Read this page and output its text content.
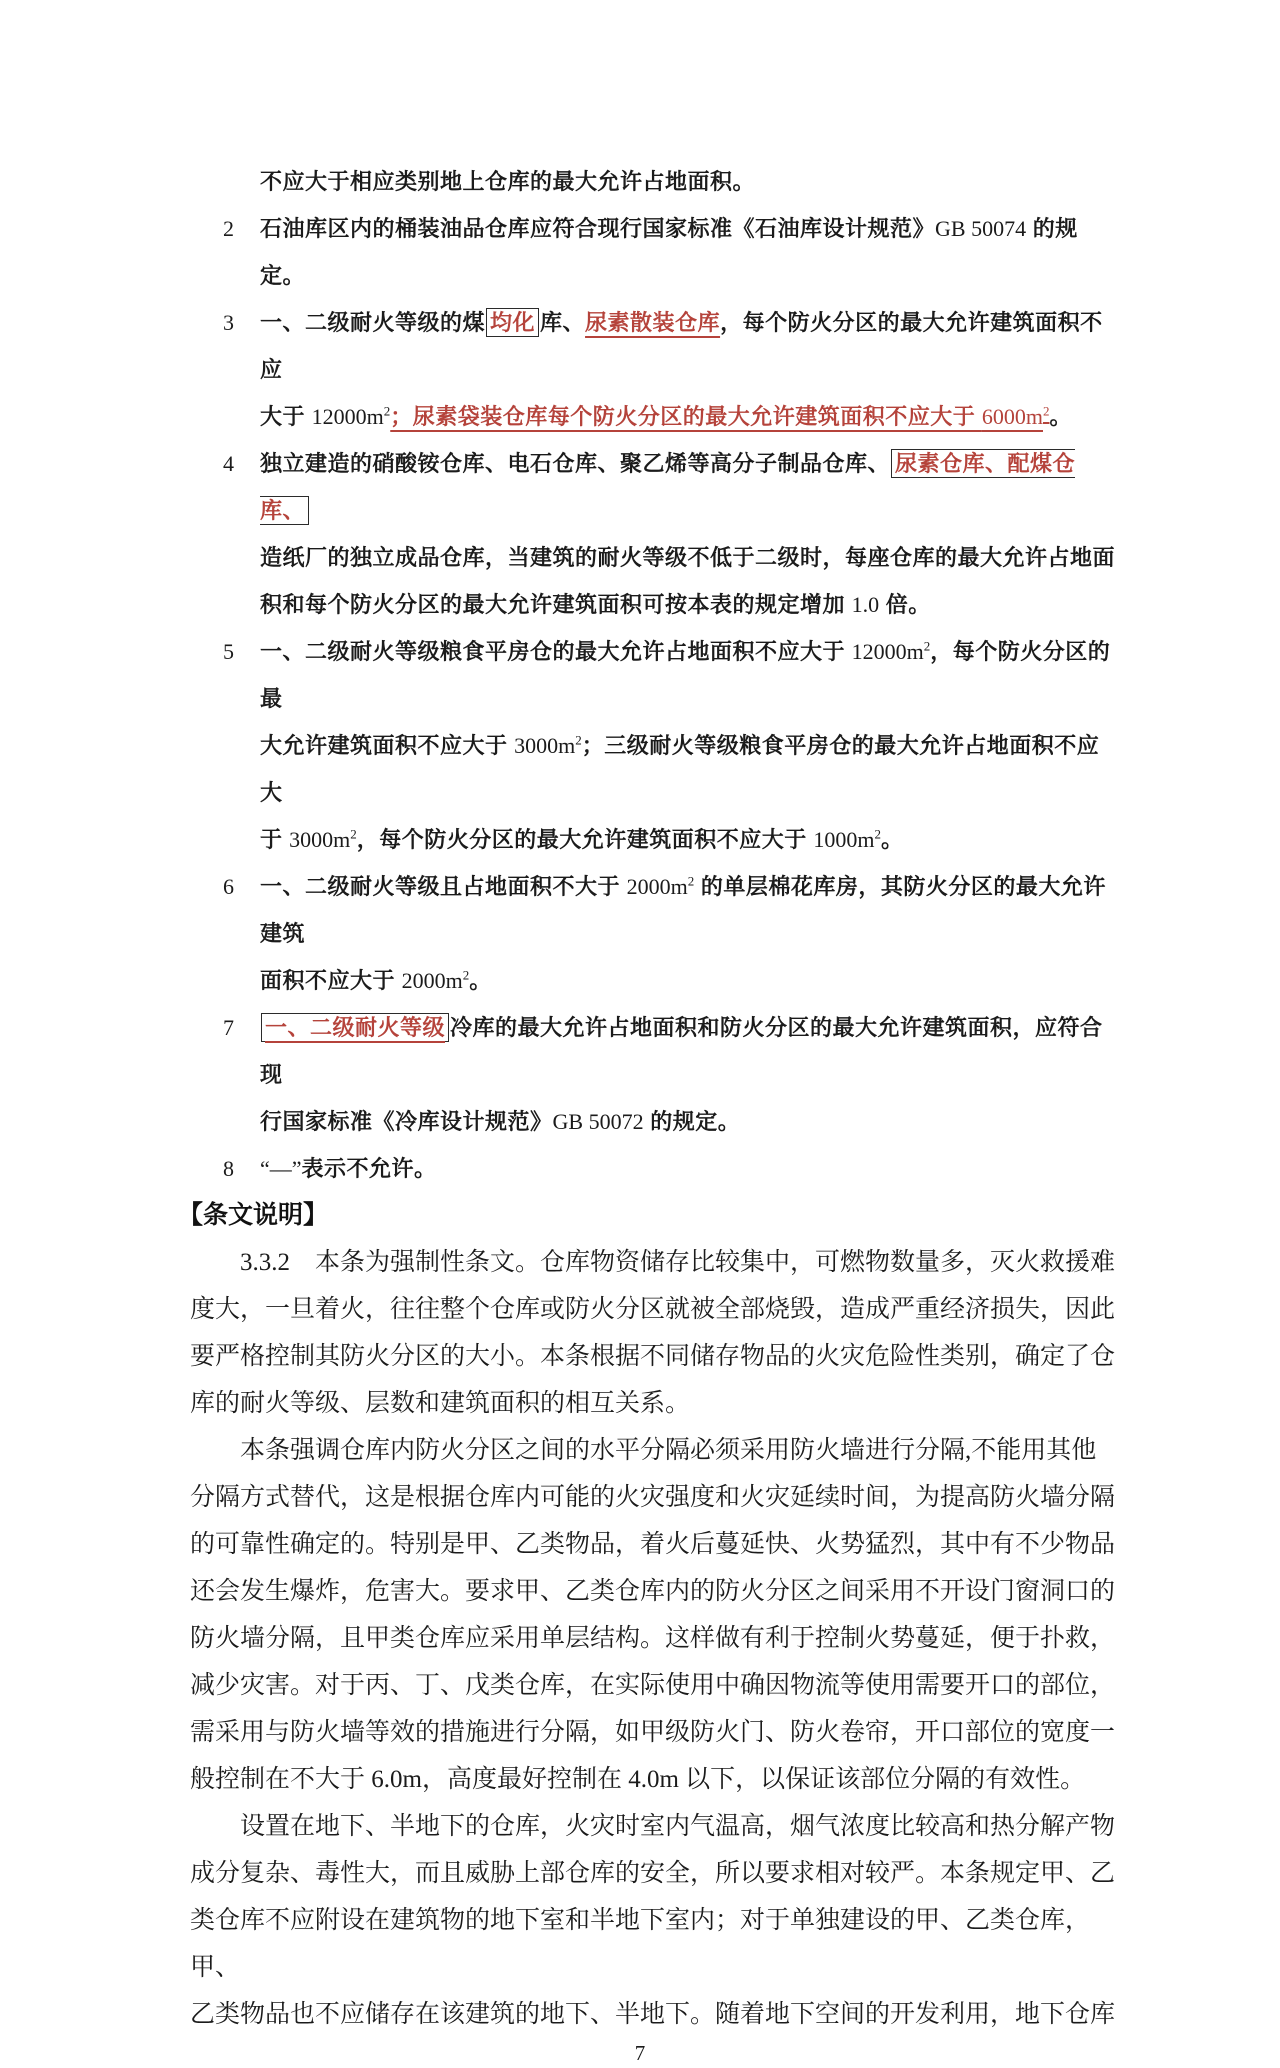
不应大于相应类别地上仓库的最大允许占地面积。
2	石油库区内的桶装油品仓库应符合现行国家标准《石油库设计规范》GB 50074 的规定。
3	一、二级耐火等级的煤 均化 库、尿素散装仓库，每个防火分区的最大允许建筑面积不应
大于 $12000m^2$；尿素袋装仓库每个防火分区的最大允许建筑面积不应大于 $6000m^2$。
4	独立建造的硝酸铵仓库、电石仓库、聚乙烯等高分子制品仓库、 尿素仓库、配煤仓库、
造纸厂的独立成品仓库，当建筑的耐火等级不低于二级时，每座仓库的最大允许占地面
积和每个防火分区的最大允许建筑面积可按本表的规定增加 1.0 倍。
5	一、二级耐火等级粮食平房仓的最大允许占地面积不应大于 $12000m^2$，每个防火分区的最
大允许建筑面积不应大于 $3000m^2$；三级耐火等级粮食平房仓的最大允许占地面积不应大
于 $3000m^2$，每个防火分区的最大允许建筑面积不应大于 $1000m^2$。
6	一、二级耐火等级且占地面积不大于 $2000m^2$ 的单层棉花库房，其防火分区的最大允许建筑
面积不应大于 $2000m^2$。
7	一、二级耐火等级 冷库的最大允许占地面积和防火分区的最大允许建筑面积，应符合现
行国家标准《冷库设计规范》GB 50072 的规定。
8	“—”表示不允许。
【条文说明】
　　3.3.2　本条为强制性条文。仓库物资储存比较集中，可燃物数量多，灭火救援难
度大，一旦着火，往往整个仓库或防火分区就被全部烧毁，造成严重经济损失，因此
要严格控制其防火分区的大小。本条根据不同储存物品的火灾危险性类别，确定了仓
库的耐火等级、层数和建筑面积的相互关系。
　　本条强调仓库内防火分区之间的水平分隔必须采用防火墙进行分隔,不能用其他
分隔方式替代，这是根据仓库内可能的火灾强度和火灾延续时间，为提高防火墙分隔
的可靠性确定的。特别是甲、乙类物品，着火后蔓延快、火势猛烈，其中有不少物品
还会发生爆炸，危害大。要求甲、乙类仓库内的防火分区之间采用不开设门窗洞口的
防火墙分隔，且甲类仓库应采用单层结构。这样做有利于控制火势蔓延，便于扑救，
减少灾害。对于丙、丁、戊类仓库，在实际使用中确因物流等使用需要开口的部位，
需采用与防火墙等效的措施进行分隔，如甲级防火门、防火卷帘，开口部位的宽度一
般控制在不大于 6.0m，高度最好控制在 4.0m 以下，以保证该部位分隔的有效性。
　　设置在地下、半地下的仓库，火灾时室内气温高，烟气浓度比较高和热分解产物
成分复杂、毒性大，而且威胁上部仓库的安全，所以要求相对较严。本条规定甲、乙
类仓库不应附设在建筑物的地下室和半地下室内；对于单独建设的甲、乙类仓库，甲、
乙类物品也不应储存在该建筑的地下、半地下。随着地下空间的开发利用，地下仓库
7
